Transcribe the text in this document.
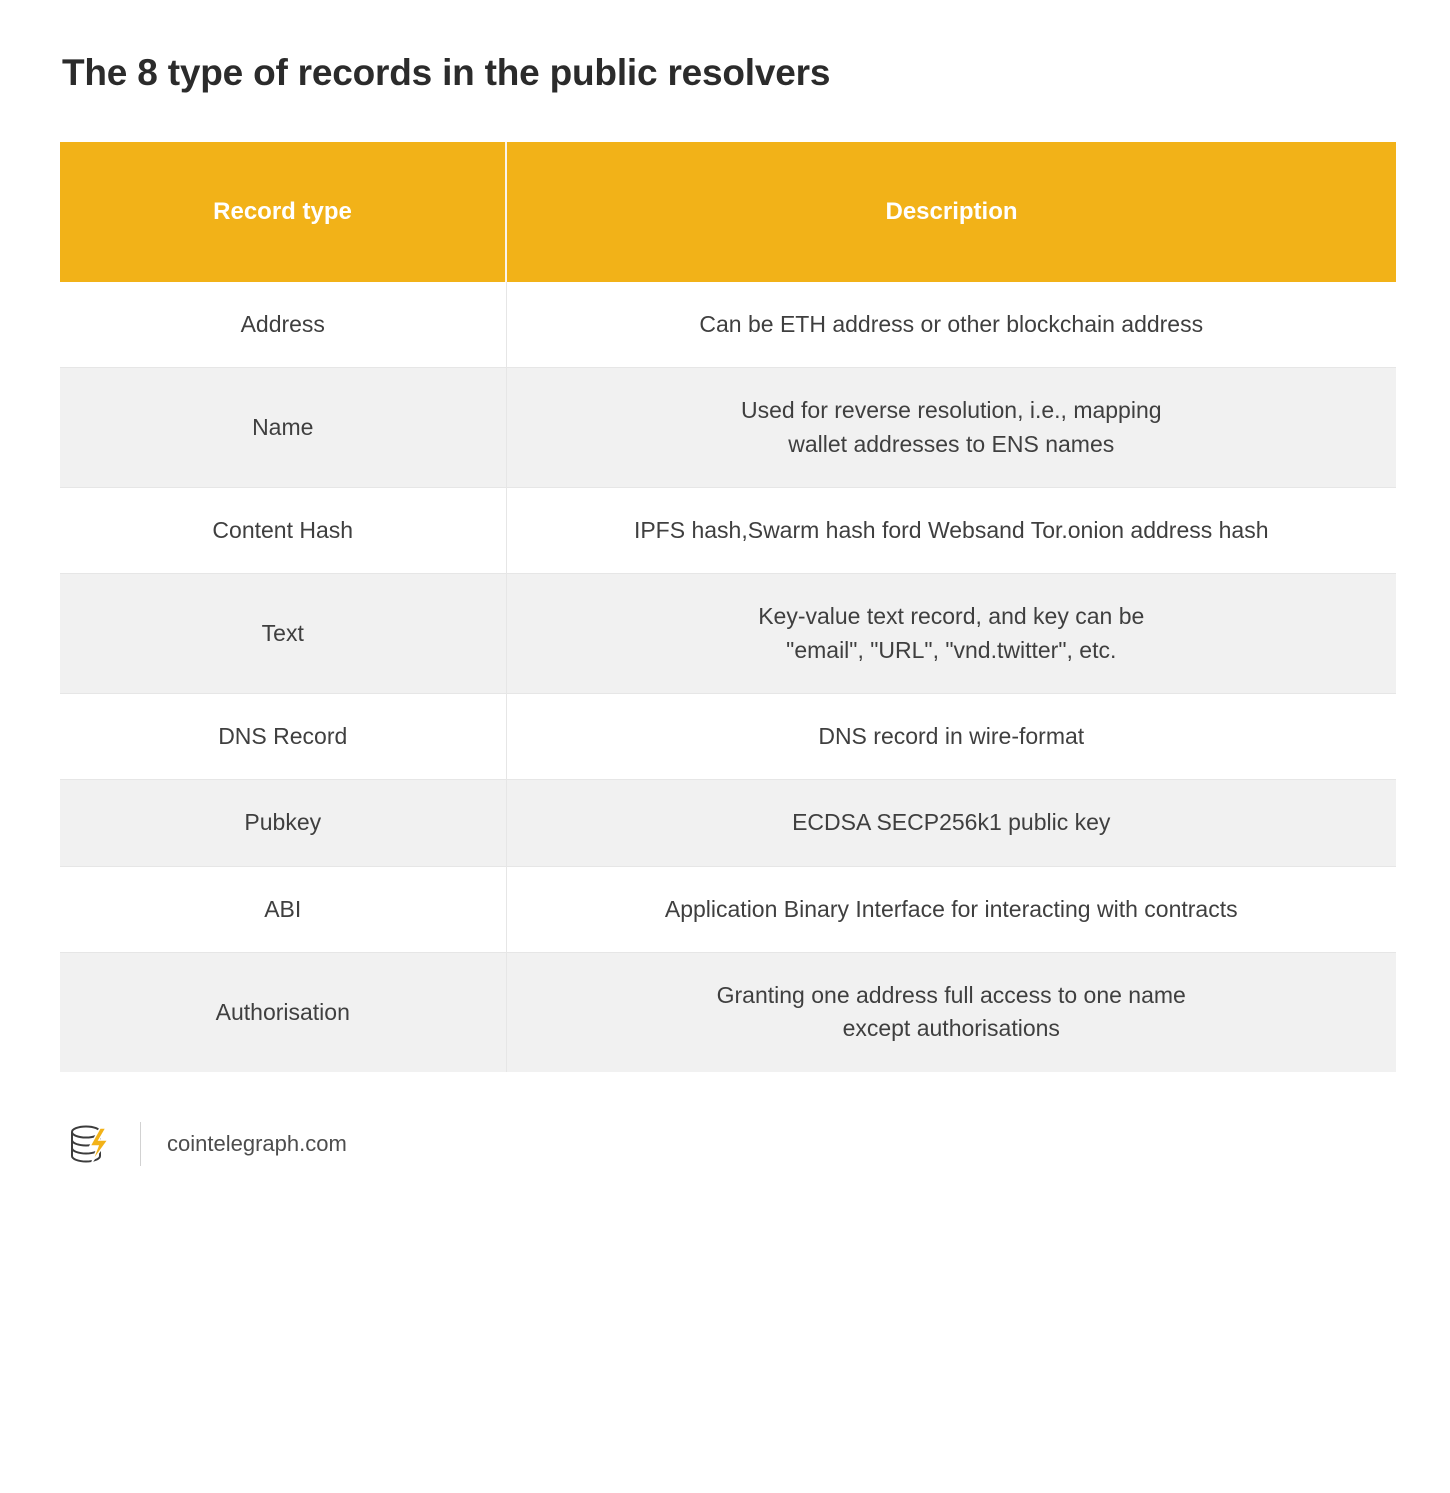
The 8 type of records in the public resolvers
Record type	Description
Address	Can be ETH address or other blockchain address
Name	Used for reverse resolution, i.e., mapping
wallet addresses to ENS names
Content Hash	IPFS hash,Swarm hash ford Websand Tor.onion address hash
Text	Key-value text record, and key can be
"email", "URL", "vnd.twitter", etc.
DNS Record	DNS record in wire-format
Pubkey	ECDSA SECP256k1 public key
ABI	Application Binary Interface for interacting with contracts
Authorisation	Granting one address full access to one name
except authorisations
cointelegraph.com
